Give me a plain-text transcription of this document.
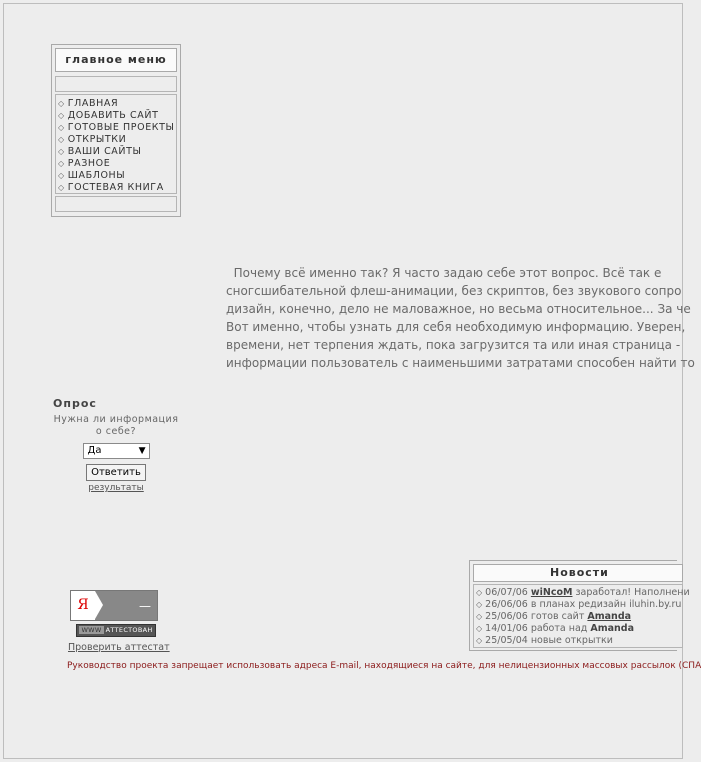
главное меню
◇ ГЛАВНАЯ
◇ ДОБАВИТЬ САЙТ
◇ ГОТОВЫЕ ПРОЕКТЫ
◇ ОТКРЫТКИ
◇ ВАШИ САЙТЫ
◇ РАЗНОЕ
◇ ШАБЛОНЫ
◇ ГОСТЕВАЯ КНИГА

Почему всё именно так? Я часто задаю себе этот вопрос. Всё так е

сногсшибательной флеш-анимации, без скриптов, без звукового сопро

дизайн, конечно, дело не маловажное, но весьма относительное... За че

Вот именно, чтобы узнать для себя необходимую информацию. Уверен,

времени, нет терпения ждать, пока загрузится та или иная страница -

информации пользователь с наименьшими затратами способен найти то

Опрос
Нужна ли информация
о себе?
Да	▼
Ответить
результаты
Я	—
WWW АТТЕСТОВАН
Проверить аттестат
Новости
◇ 06/07/06 wiNcoM заработал! Наполнени
◇ 26/06/06 в планах редизайн iluhin.by.ru
◇ 25/06/06 готов сайт Amanda
◇ 14/01/06 работа над Amanda
◇ 25/05/04 новые открытки
Руководство проекта запрещает использовать адреса E-mail, находящиеся на сайте, для нелицензионных массовых рассылок (СПА
